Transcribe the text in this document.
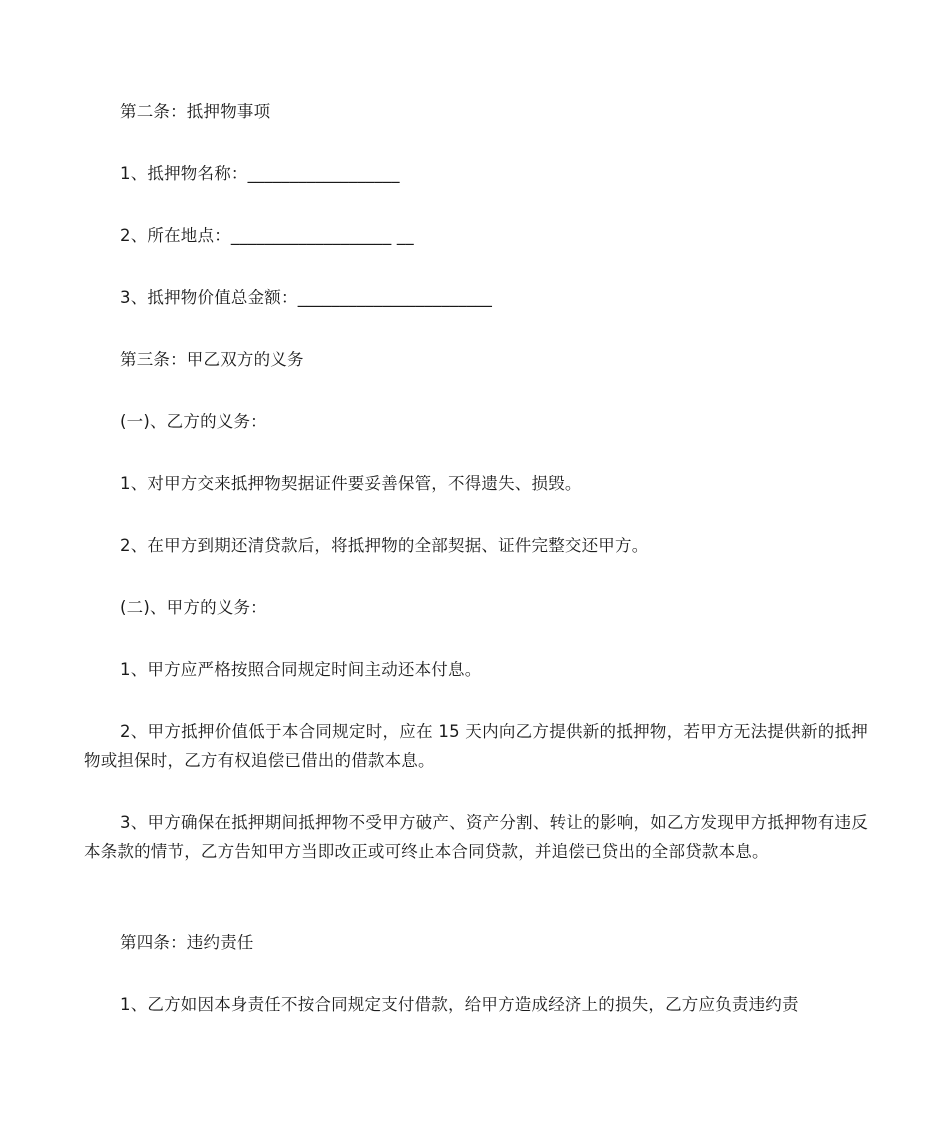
第二条：抵押物事项

1、抵押物名称：__________________

2、所在地点：___________________ __

3、抵押物价值总金额：_______________________

第三条：甲乙双方的义务

(一)、乙方的义务：

1、对甲方交来抵押物契据证件要妥善保管，不得遗失、损毁。

2、在甲方到期还清贷款后，将抵押物的全部契据、证件完整交还甲方。

(二)、甲方的义务：

1、甲方应严格按照合同规定时间主动还本付息。

2、甲方抵押价值低于本合同规定时，应在 15 天内向乙方提供新的抵押物，若甲方无法提供新的抵押物或担保时，乙方有权追偿已借出的借款本息。

3、甲方确保在抵押期间抵押物不受甲方破产、资产分割、转让的影响，如乙方发现甲方抵押物有违反本条款的情节，乙方告知甲方当即改正或可终止本合同贷款，并追偿已贷出的全部贷款本息。

第四条：违约责任

1、乙方如因本身责任不按合同规定支付借款，给甲方造成经济上的损失，乙方应负责违约责
